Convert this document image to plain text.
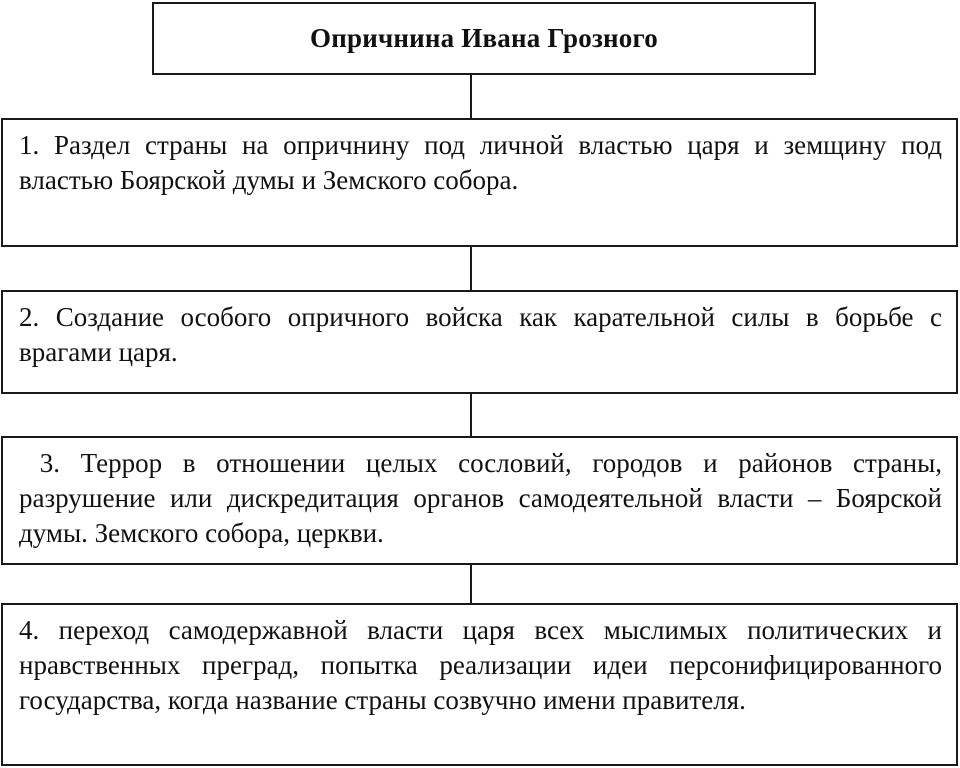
Опричнина Ивана Грозного
1. Раздел страны на опричнину под личной властью царя и земщину под властью Боярской думы и Земского собора.
2. Создание особого опричного войска как карательной силы в борьбе с врагами царя.
3. Террор в отношении целых сословий, городов и районов страны, разрушение или дискредитация органов самодеятельной власти – Боярской думы. Земского собора, церкви.
4. переход самодержавной власти царя всех мыслимых политических и нравственных преград, попытка реализации идеи персонифицированного государства, когда название страны созвучно имени правителя.
